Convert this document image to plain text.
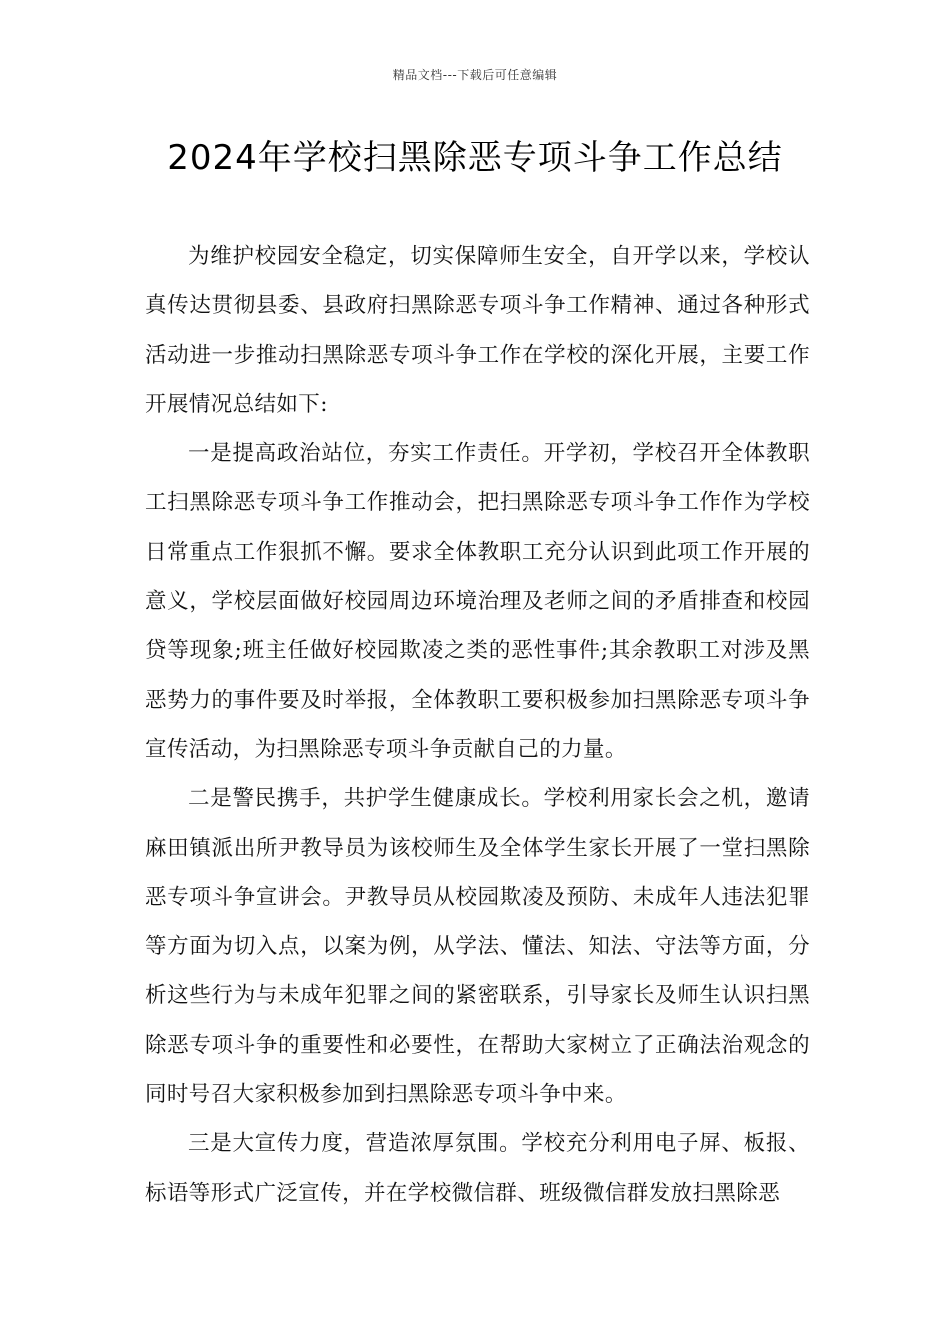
精品文档---下载后可任意编辑
2024年学校扫黑除恶专项斗争工作总结

为维护校园安全稳定，切实保障师生安全，自开学以来，学校认真传达贯彻县委、县政府扫黑除恶专项斗争工作精神、通过各种形式活动进一步推动扫黑除恶专项斗争工作在学校的深化开展，主要工作开展情况总结如下:

一是提高政治站位，夯实工作责任。开学初，学校召开全体教职工扫黑除恶专项斗争工作推动会，把扫黑除恶专项斗争工作作为学校日常重点工作狠抓不懈。要求全体教职工充分认识到此项工作开展的意义，学校层面做好校园周边环境治理及老师之间的矛盾排查和校园贷等现象;班主任做好校园欺凌之类的恶性事件;其余教职工对涉及黑恶势力的事件要及时举报，全体教职工要积极参加扫黑除恶专项斗争宣传活动，为扫黑除恶专项斗争贡献自己的力量。

二是警民携手，共护学生健康成长。学校利用家长会之机，邀请麻田镇派出所尹教导员为该校师生及全体学生家长开展了一堂扫黑除恶专项斗争宣讲会。尹教导员从校园欺凌及预防、未成年人违法犯罪等方面为切入点，以案为例，从学法、懂法、知法、守法等方面，分析这些行为与未成年犯罪之间的紧密联系，引导家长及师生认识扫黑除恶专项斗争的重要性和必要性，在帮助大家树立了正确法治观念的同时号召大家积极参加到扫黑除恶专项斗争中来。

三是大宣传力度，营造浓厚氛围。学校充分利用电子屏、板报、标语等形式广泛宣传，并在学校微信群、班级微信群发放扫黑除恶
